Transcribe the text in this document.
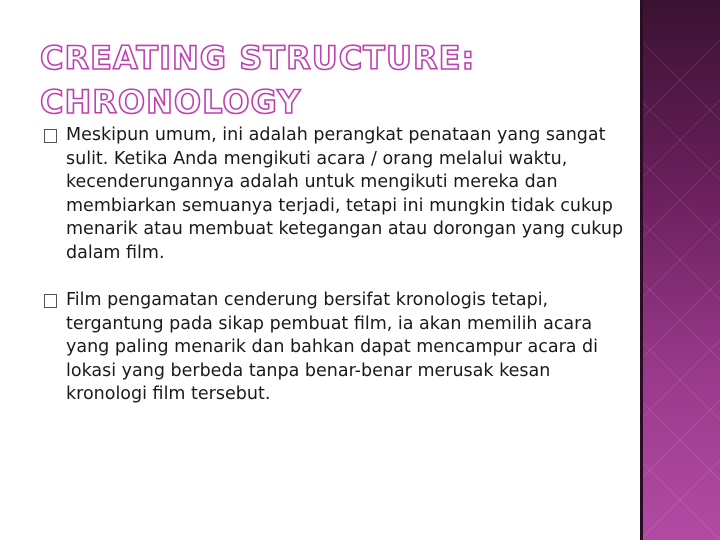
CREATING STRUCTURE:
CHRONOLOGY
Meskipun umum, ini adalah perangkat penataan yang sangat sulit. Ketika Anda mengikuti acara / orang melalui waktu, kecenderungannya adalah untuk mengikuti mereka dan membiarkan semuanya terjadi, tetapi ini mungkin tidak cukup menarik atau membuat ketegangan atau dorongan yang cukup dalam film.
Film pengamatan cenderung bersifat kronologis tetapi, tergantung pada sikap pembuat film, ia akan memilih acara yang paling menarik dan bahkan dapat mencampur acara di lokasi yang berbeda tanpa benar-benar merusak kesan kronologi film tersebut.
